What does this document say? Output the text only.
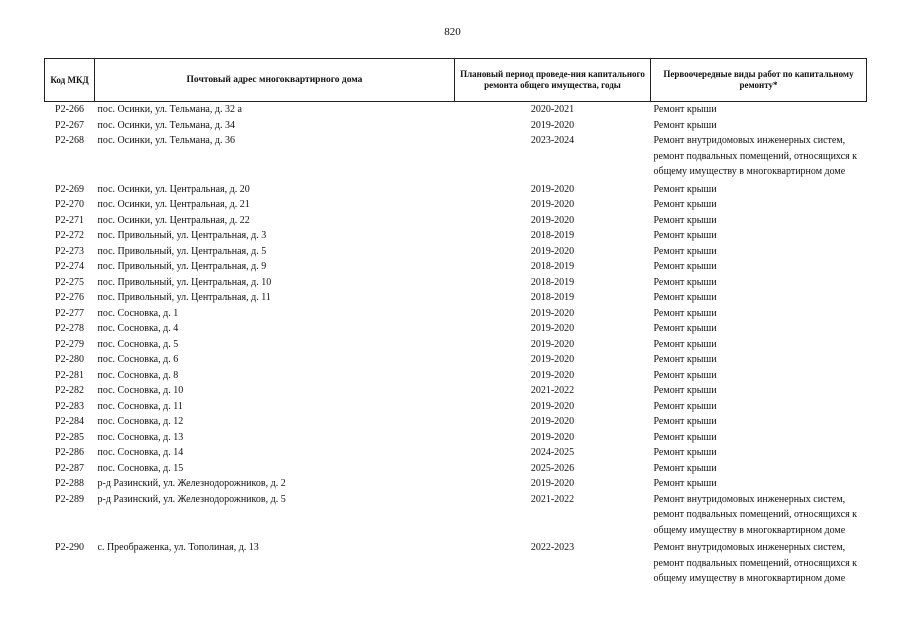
820
Код МКД	Почтовый адрес многоквартирного дома	Плановый период проведе-ния капитального ремонта общего имущества, годы	Первоочередные виды работ по капитальному ремонту*
Р2-266	пос. Осинки, ул. Тельмана, д. 32 а	2020-2021	Ремонт крыши
Р2-267	пос. Осинки, ул. Тельмана, д. 34	2019-2020	Ремонт крыши
Р2-268	пос. Осинки, ул. Тельмана, д. 36	2023-2024	Ремонт внутридомовых инженерных систем, ремонт подвальных помещений, относящихся к общему имуществу в многоквартирном доме

Р2-269	пос. Осинки, ул. Центральная, д. 20	2019-2020	Ремонт крыши
Р2-270	пос. Осинки, ул. Центральная, д. 21	2019-2020	Ремонт крыши
Р2-271	пос. Осинки, ул. Центральная, д. 22	2019-2020	Ремонт крыши
Р2-272	пос. Привольный, ул. Центральная, д. 3	2018-2019	Ремонт крыши
Р2-273	пос. Привольный, ул. Центральная, д. 5	2019-2020	Ремонт крыши
Р2-274	пос. Привольный, ул. Центральная, д. 9	2018-2019	Ремонт крыши
Р2-275	пос. Привольный, ул. Центральная, д. 10	2018-2019	Ремонт крыши
Р2-276	пос. Привольный, ул. Центральная, д. 11	2018-2019	Ремонт крыши
Р2-277	пос. Сосновка, д. 1	2019-2020	Ремонт крыши
Р2-278	пос. Сосновка, д. 4	2019-2020	Ремонт крыши
Р2-279	пос. Сосновка, д. 5	2019-2020	Ремонт крыши
Р2-280	пос. Сосновка, д. 6	2019-2020	Ремонт крыши
Р2-281	пос. Сосновка, д. 8	2019-2020	Ремонт крыши
Р2-282	пос. Сосновка, д. 10	2021-2022	Ремонт крыши
Р2-283	пос. Сосновка, д. 11	2019-2020	Ремонт крыши
Р2-284	пос. Сосновка, д. 12	2019-2020	Ремонт крыши
Р2-285	пос. Сосновка, д. 13	2019-2020	Ремонт крыши
Р2-286	пос. Сосновка, д. 14	2024-2025	Ремонт крыши
Р2-287	пос. Сосновка, д. 15	2025-2026	Ремонт крыши
Р2-288	р-д Разинский, ул. Железнодорожников, д. 2	2019-2020	Ремонт крыши
Р2-289	р-д Разинский, ул. Железнодорожников, д. 5	2021-2022	Ремонт внутридомовых инженерных систем, ремонт подвальных помещений, относящихся к общему имуществу в многоквартирном доме

Р2-290	с. Преображенка, ул. Тополиная, д. 13	2022-2023	Ремонт внутридомовых инженерных систем, ремонт подвальных помещений, относящихся к общему имуществу в многоквартирном доме
